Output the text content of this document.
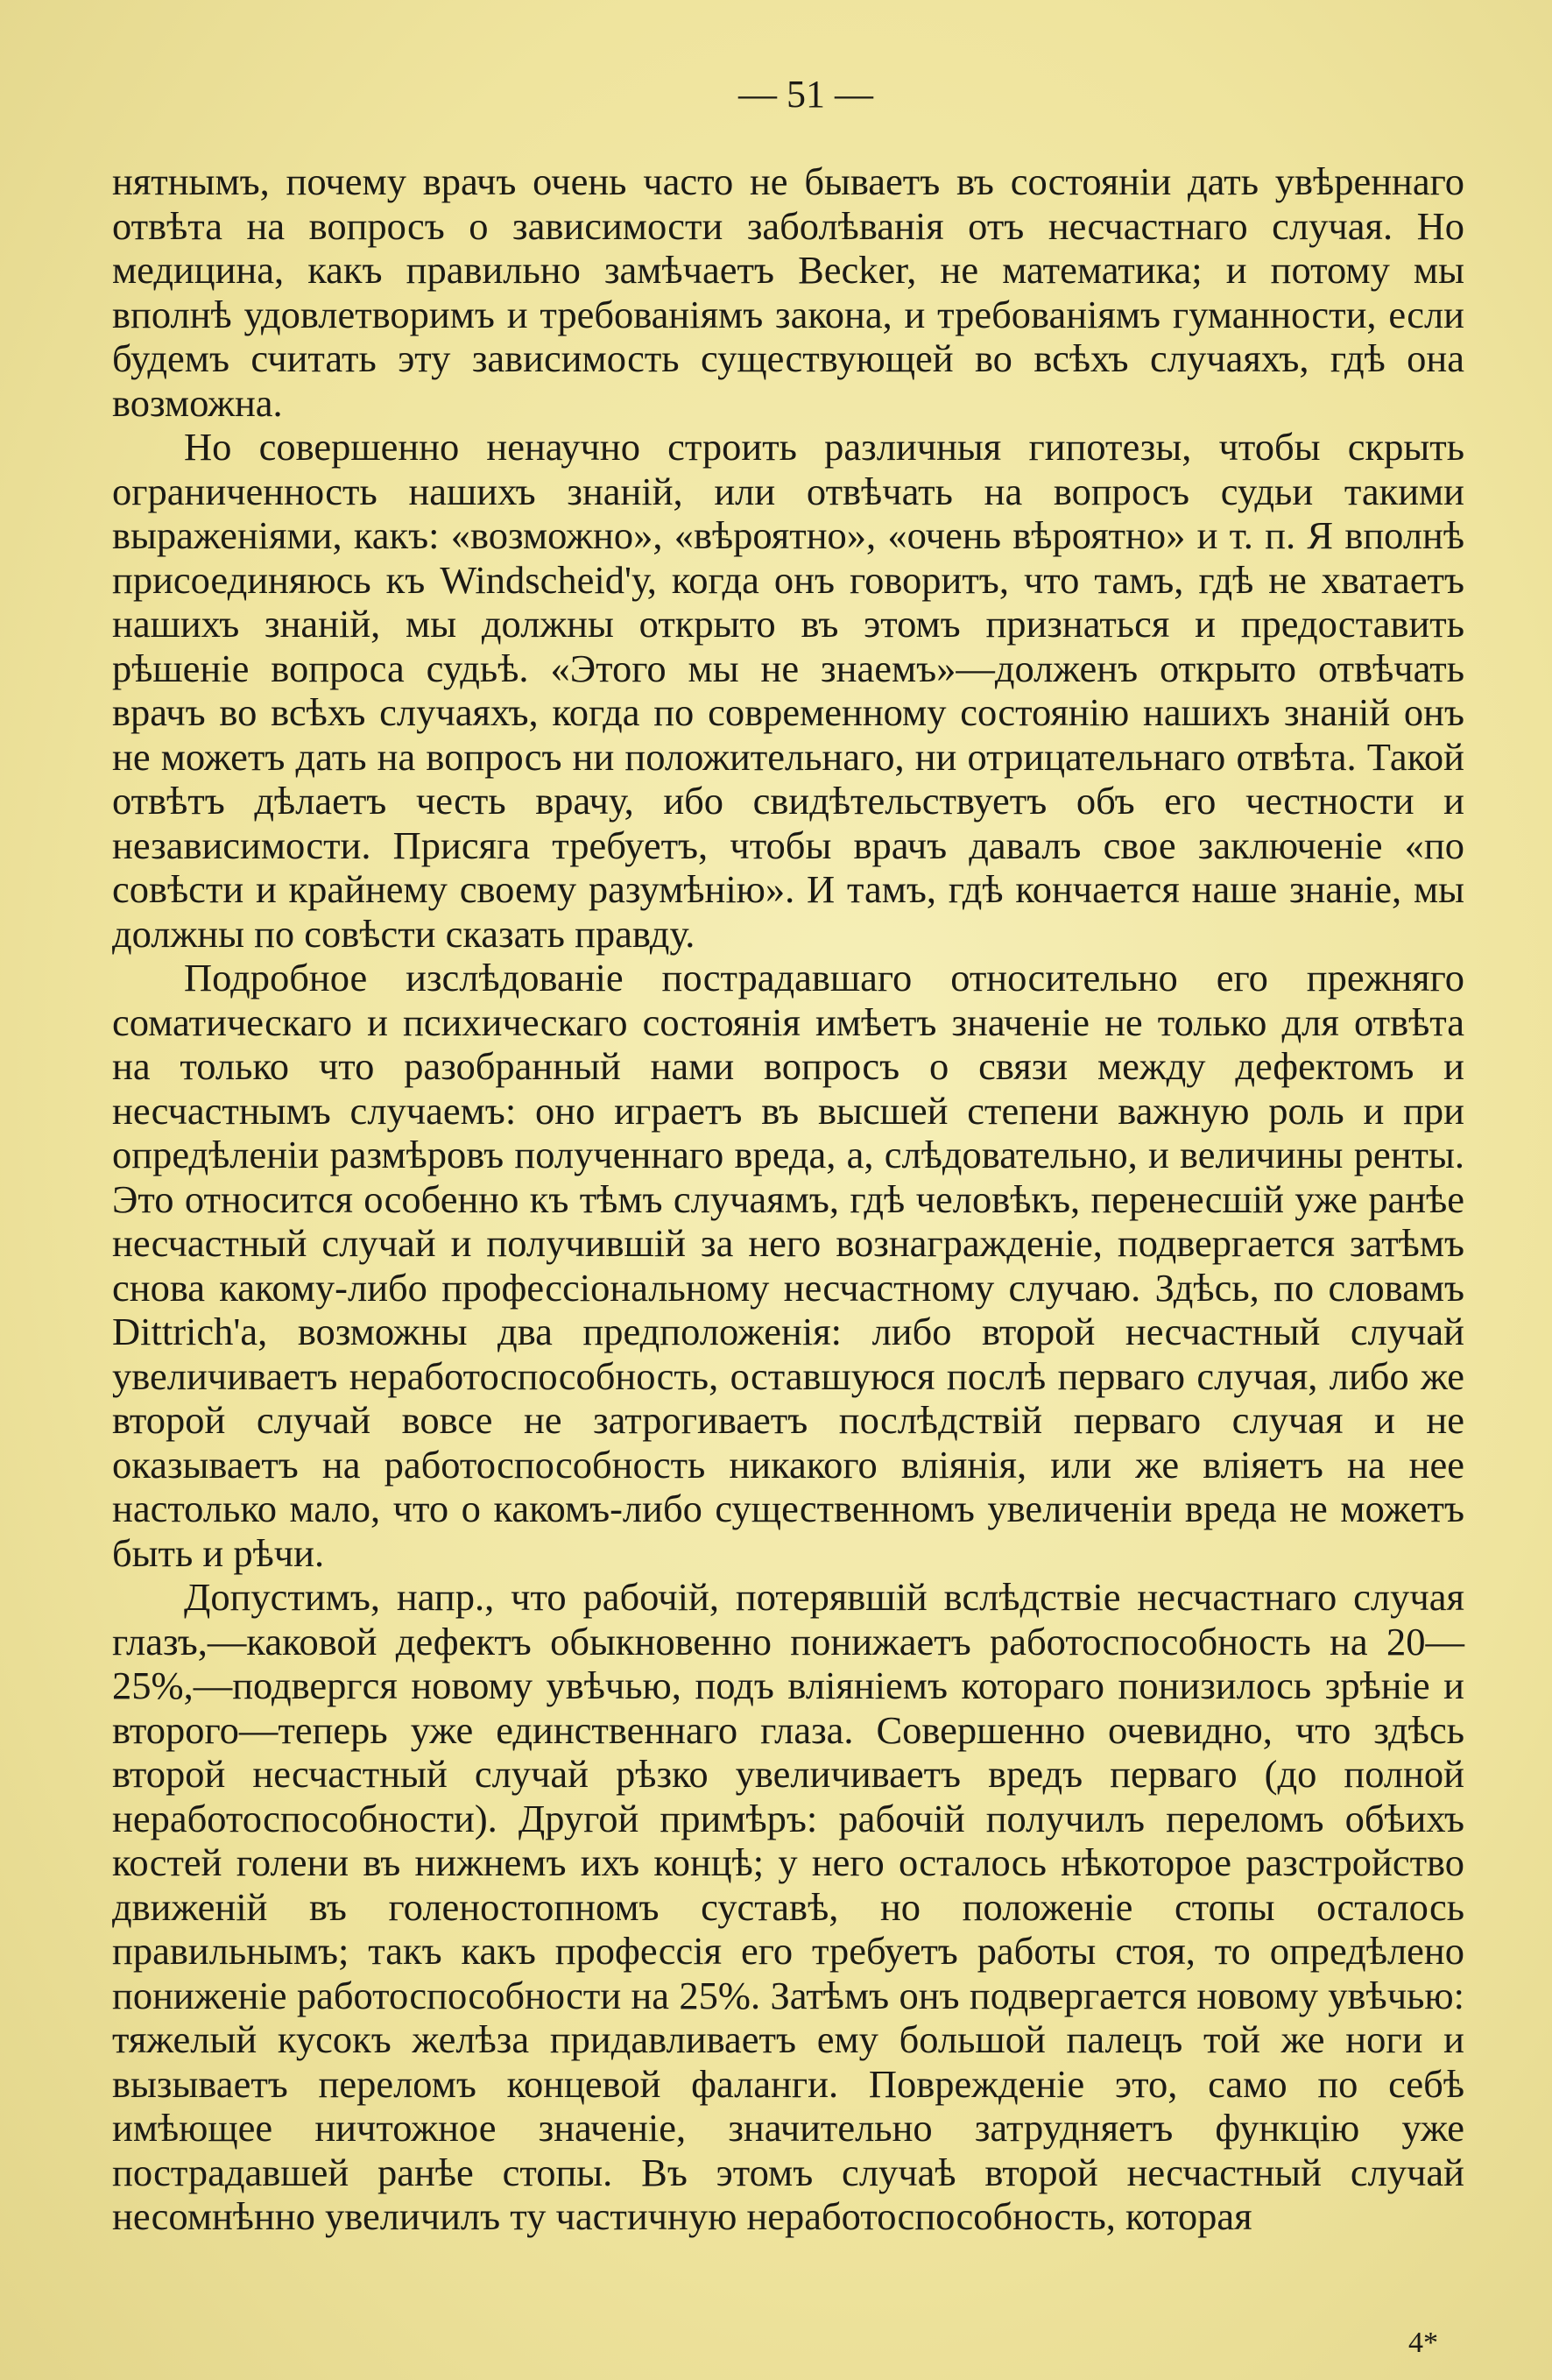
— 51 —

нятнымъ, почему врачъ очень часто не бываетъ въ состоянiи дать увѣреннаго отвѣта на вопросъ о зависимости заболѣванiя отъ несчастнаго случая. Но медицина, какъ правильно замѣчаетъ Becker, не математика; и потому мы вполнѣ удовлетворимъ и требованiямъ закона, и требованiямъ гуманности, если будемъ считать эту зависимость существующей во всѣхъ случаяхъ, гдѣ она возможна.

Но совершенно ненаучно строить различныя гипотезы, чтобы скрыть ограниченность нашихъ знанiй, или отвѣчать на вопросъ судьи такими выраженiями, какъ: «возможно», «вѣроятно», «очень вѣроятно» и т. п. Я вполнѣ присоединяюсь къ Windscheid'у, когда онъ говоритъ, что тамъ, гдѣ не хватаетъ нашихъ знанiй, мы должны открыто въ этомъ признаться и предоставить рѣшенiе вопроса судьѣ. «Этого мы не знаемъ»—долженъ открыто отвѣчать врачъ во всѣхъ случаяхъ, когда по современному состоянiю нашихъ знанiй онъ не можетъ дать на вопросъ ни положительнаго, ни отрицательнаго отвѣта. Такой отвѣтъ дѣлаетъ честь врачу, ибо свидѣтельствуетъ объ его честности и независимости. Присяга требуетъ, чтобы врачъ давалъ свое заключенiе «по совѣсти и крайнему своему разумѣнiю». И тамъ, гдѣ кончается наше знанiе, мы должны по совѣсти сказать правду.

Подробное изслѣдованiе пострадавшаго относительно его прежняго соматическаго и психическаго состоянiя имѣетъ значенiе не только для отвѣта на только что разобранный нами вопросъ о связи между дефектомъ и несчастнымъ случаемъ: оно играетъ въ высшей степени важную роль и при опредѣленiи размѣровъ полученнаго вреда, а, слѣдовательно, и величины ренты. Это относится особенно къ тѣмъ случаямъ, гдѣ человѣкъ, перенесшiй уже ранѣе несчастный случай и получившiй за него вознагражденiе, подвергается затѣмъ снова какому-либо профессiональному несчастному случаю. Здѣсь, по словамъ Dittrich'а, возможны два предположенiя: либо второй несчастный случай увеличиваетъ неработоспособность, оставшуюся послѣ перваго случая, либо же второй случай вовсе не затрогиваетъ послѣдствiй перваго случая и не оказываетъ на работоспособность никакого влiянiя, или же влiяетъ на нее настолько мало, что о какомъ-либо существенномъ увеличенiи вреда не можетъ быть и рѣчи.

Допустимъ, напр., что рабочiй, потерявшiй вслѣдствiе несчастнаго случая глазъ,—каковой дефектъ обыкновенно понижаетъ работоспособность на 20—25%,—подвергся новому увѣчью, подъ влiянiемъ котораго понизилось зрѣнiе и второго—теперь уже единственнаго глаза. Совершенно очевидно, что здѣсь второй несчастный случай рѣзко увеличиваетъ вредъ перваго (до полной неработоспособности). Другой примѣръ: рабочiй получилъ переломъ обѣихъ костей голени въ нижнемъ ихъ концѣ; у него осталось нѣкоторое разстройство движенiй въ голеностопномъ суставѣ, но положенiе стопы осталось правильнымъ; такъ какъ профессiя его требуетъ работы стоя, то опредѣлено пониженiе работоспособности на 25%. Затѣмъ онъ подвергается новому увѣчью: тяжелый кусокъ желѣза придавливаетъ ему большой палецъ той же ноги и вызываетъ переломъ концевой фаланги. Поврежденiе это, само по себѣ имѣющее ничтожное значенiе, значительно затрудняетъ функцiю уже пострадавшей ранѣе стопы. Въ этомъ случаѣ второй несчастный случай несомнѣнно увеличилъ ту частичную неработоспособность, которая

4*
